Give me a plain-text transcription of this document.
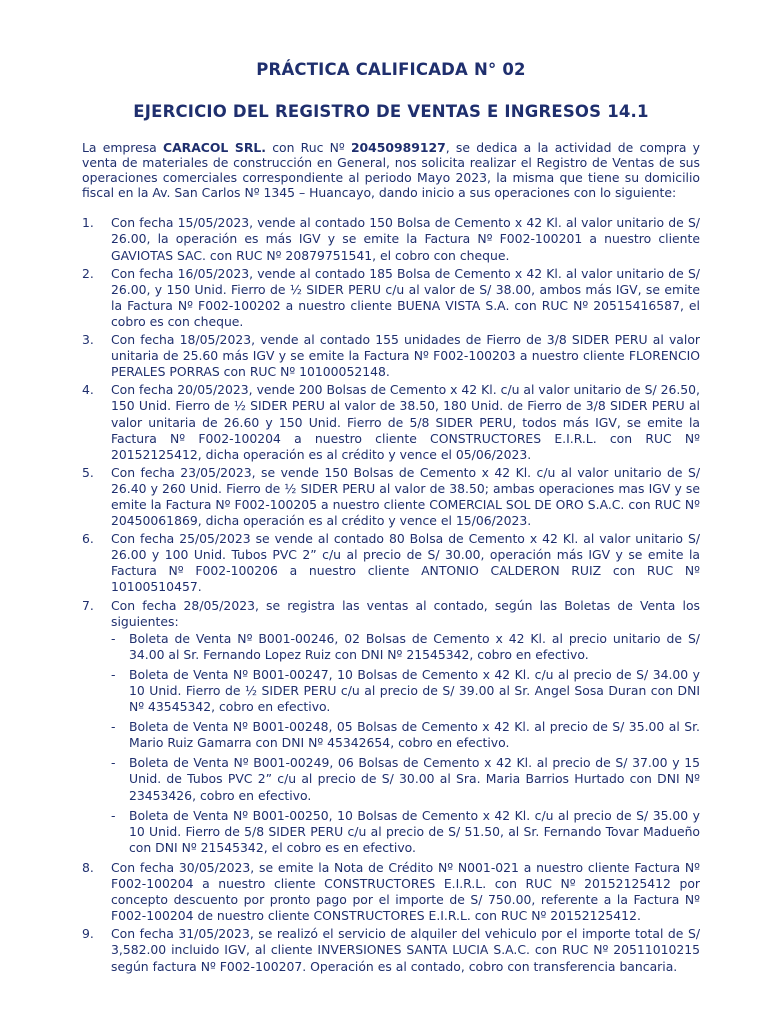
PRÁCTICA CALIFICADA N° 02
EJERCICIO DEL REGISTRO DE VENTAS E INGRESOS 14.1

La empresa CARACOL SRL. con Ruc Nº 20450989127, se dedica a la actividad de compra y venta de materiales de construcción en General, nos solicita realizar el Registro de Ventas de sus operaciones comerciales correspondiente al periodo Mayo 2023, la misma que tiene su domicilio fiscal en la Av. San Carlos Nº 1345 – Huancayo, dando inicio a sus operaciones con lo siguiente:

1. Con fecha 15/05/2023, vende al contado 150 Bolsa de Cemento x 42 Kl. al valor unitario de S/ 26.00, la operación es más IGV y se emite la Factura Nº F002-100201 a nuestro cliente GAVIOTAS SAC. con RUC Nº 20879751541, el cobro con cheque.
2. Con fecha 16/05/2023, vende al contado 185 Bolsa de Cemento x 42 Kl. al valor unitario de S/ 26.00, y 150 Unid. Fierro de ½ SIDER PERU c/u al valor de S/ 38.00, ambos más IGV, se emite la Factura Nº F002-100202 a nuestro cliente BUENA VISTA S.A. con RUC Nº 20515416587, el cobro es con cheque.
3. Con fecha 18/05/2023, vende al contado 155 unidades de Fierro de 3/8 SIDER PERU al valor unitaria de 25.60 más IGV y se emite la Factura Nº F002-100203 a nuestro cliente FLORENCIO PERALES PORRAS con RUC Nº 10100052148.
4. Con fecha 20/05/2023, vende 200 Bolsas de Cemento x 42 Kl. c/u al valor unitario de S/ 26.50, 150 Unid. Fierro de ½ SIDER PERU al valor de 38.50, 180 Unid. de Fierro de 3/8 SIDER PERU al valor unitaria de 26.60 y 150 Unid. Fierro de 5/8 SIDER PERU, todos más IGV, se emite la Factura Nº F002-100204 a nuestro cliente CONSTRUCTORES E.I.R.L. con RUC Nº 20152125412, dicha operación es al crédito y vence el 05/06/2023.
5. Con fecha 23/05/2023, se vende 150 Bolsas de Cemento x 42 Kl. c/u al valor unitario de S/ 26.40 y 260 Unid. Fierro de ½ SIDER PERU al valor de 38.50; ambas operaciones mas IGV y se emite la Factura Nº F002-100205 a nuestro cliente COMERCIAL SOL DE ORO S.A.C. con RUC Nº 20450061869, dicha operación es al crédito y vence el 15/06/2023.
6. Con fecha 25/05/2023 se vende al contado 80 Bolsa de Cemento x 42 Kl. al valor unitario S/ 26.00 y 100 Unid. Tubos PVC 2” c/u al precio de S/ 30.00, operación más IGV y se emite la Factura Nº F002-100206 a nuestro cliente ANTONIO CALDERON RUIZ con RUC Nº 10100510457.
7. Con fecha 28/05/2023, se registra las ventas al contado, según las Boletas de Venta los siguientes:
- Boleta de Venta Nº B001-00246, 02 Bolsas de Cemento x 42 Kl. al precio unitario de S/ 34.00 al Sr. Fernando Lopez Ruiz con DNI Nº 21545342, cobro en efectivo.
- Boleta de Venta Nº B001-00247, 10 Bolsas de Cemento x 42 Kl. c/u al precio de S/ 34.00 y 10 Unid. Fierro de ½ SIDER PERU c/u al precio de S/ 39.00 al Sr. Angel Sosa Duran con DNI Nº 43545342, cobro en efectivo.
- Boleta de Venta Nº B001-00248, 05 Bolsas de Cemento x 42 Kl. al precio de S/ 35.00 al Sr. Mario Ruiz Gamarra con DNI Nº 45342654, cobro en efectivo.
- Boleta de Venta Nº B001-00249, 06 Bolsas de Cemento x 42 Kl. al precio de S/ 37.00 y 15 Unid. de Tubos PVC 2” c/u al precio de S/ 30.00 al Sra. Maria Barrios Hurtado con DNI Nº 23453426, cobro en efectivo.
- Boleta de Venta Nº B001-00250, 10 Bolsas de Cemento x 42 Kl. c/u al precio de S/ 35.00 y 10 Unid. Fierro de 5/8 SIDER PERU c/u al precio de S/ 51.50, al Sr. Fernando Tovar Madueño con DNI Nº 21545342, el cobro es en efectivo.
8. Con fecha 30/05/2023, se emite la Nota de Crédito Nº N001-021 a nuestro cliente Factura Nº F002-100204 a nuestro cliente CONSTRUCTORES E.I.R.L. con RUC Nº 20152125412 por concepto descuento por pronto pago por el importe de S/ 750.00, referente a la Factura Nº F002-100204 de nuestro cliente CONSTRUCTORES E.I.R.L. con RUC Nº 20152125412.
9. Con fecha 31/05/2023, se realizó el servicio de alquiler del vehiculo por el importe total de S/ 3,582.00 incluido IGV, al cliente INVERSIONES SANTA LUCIA S.A.C. con RUC Nº 20511010215 según factura Nº F002-100207. Operación es al contado, cobro con transferencia bancaria.
